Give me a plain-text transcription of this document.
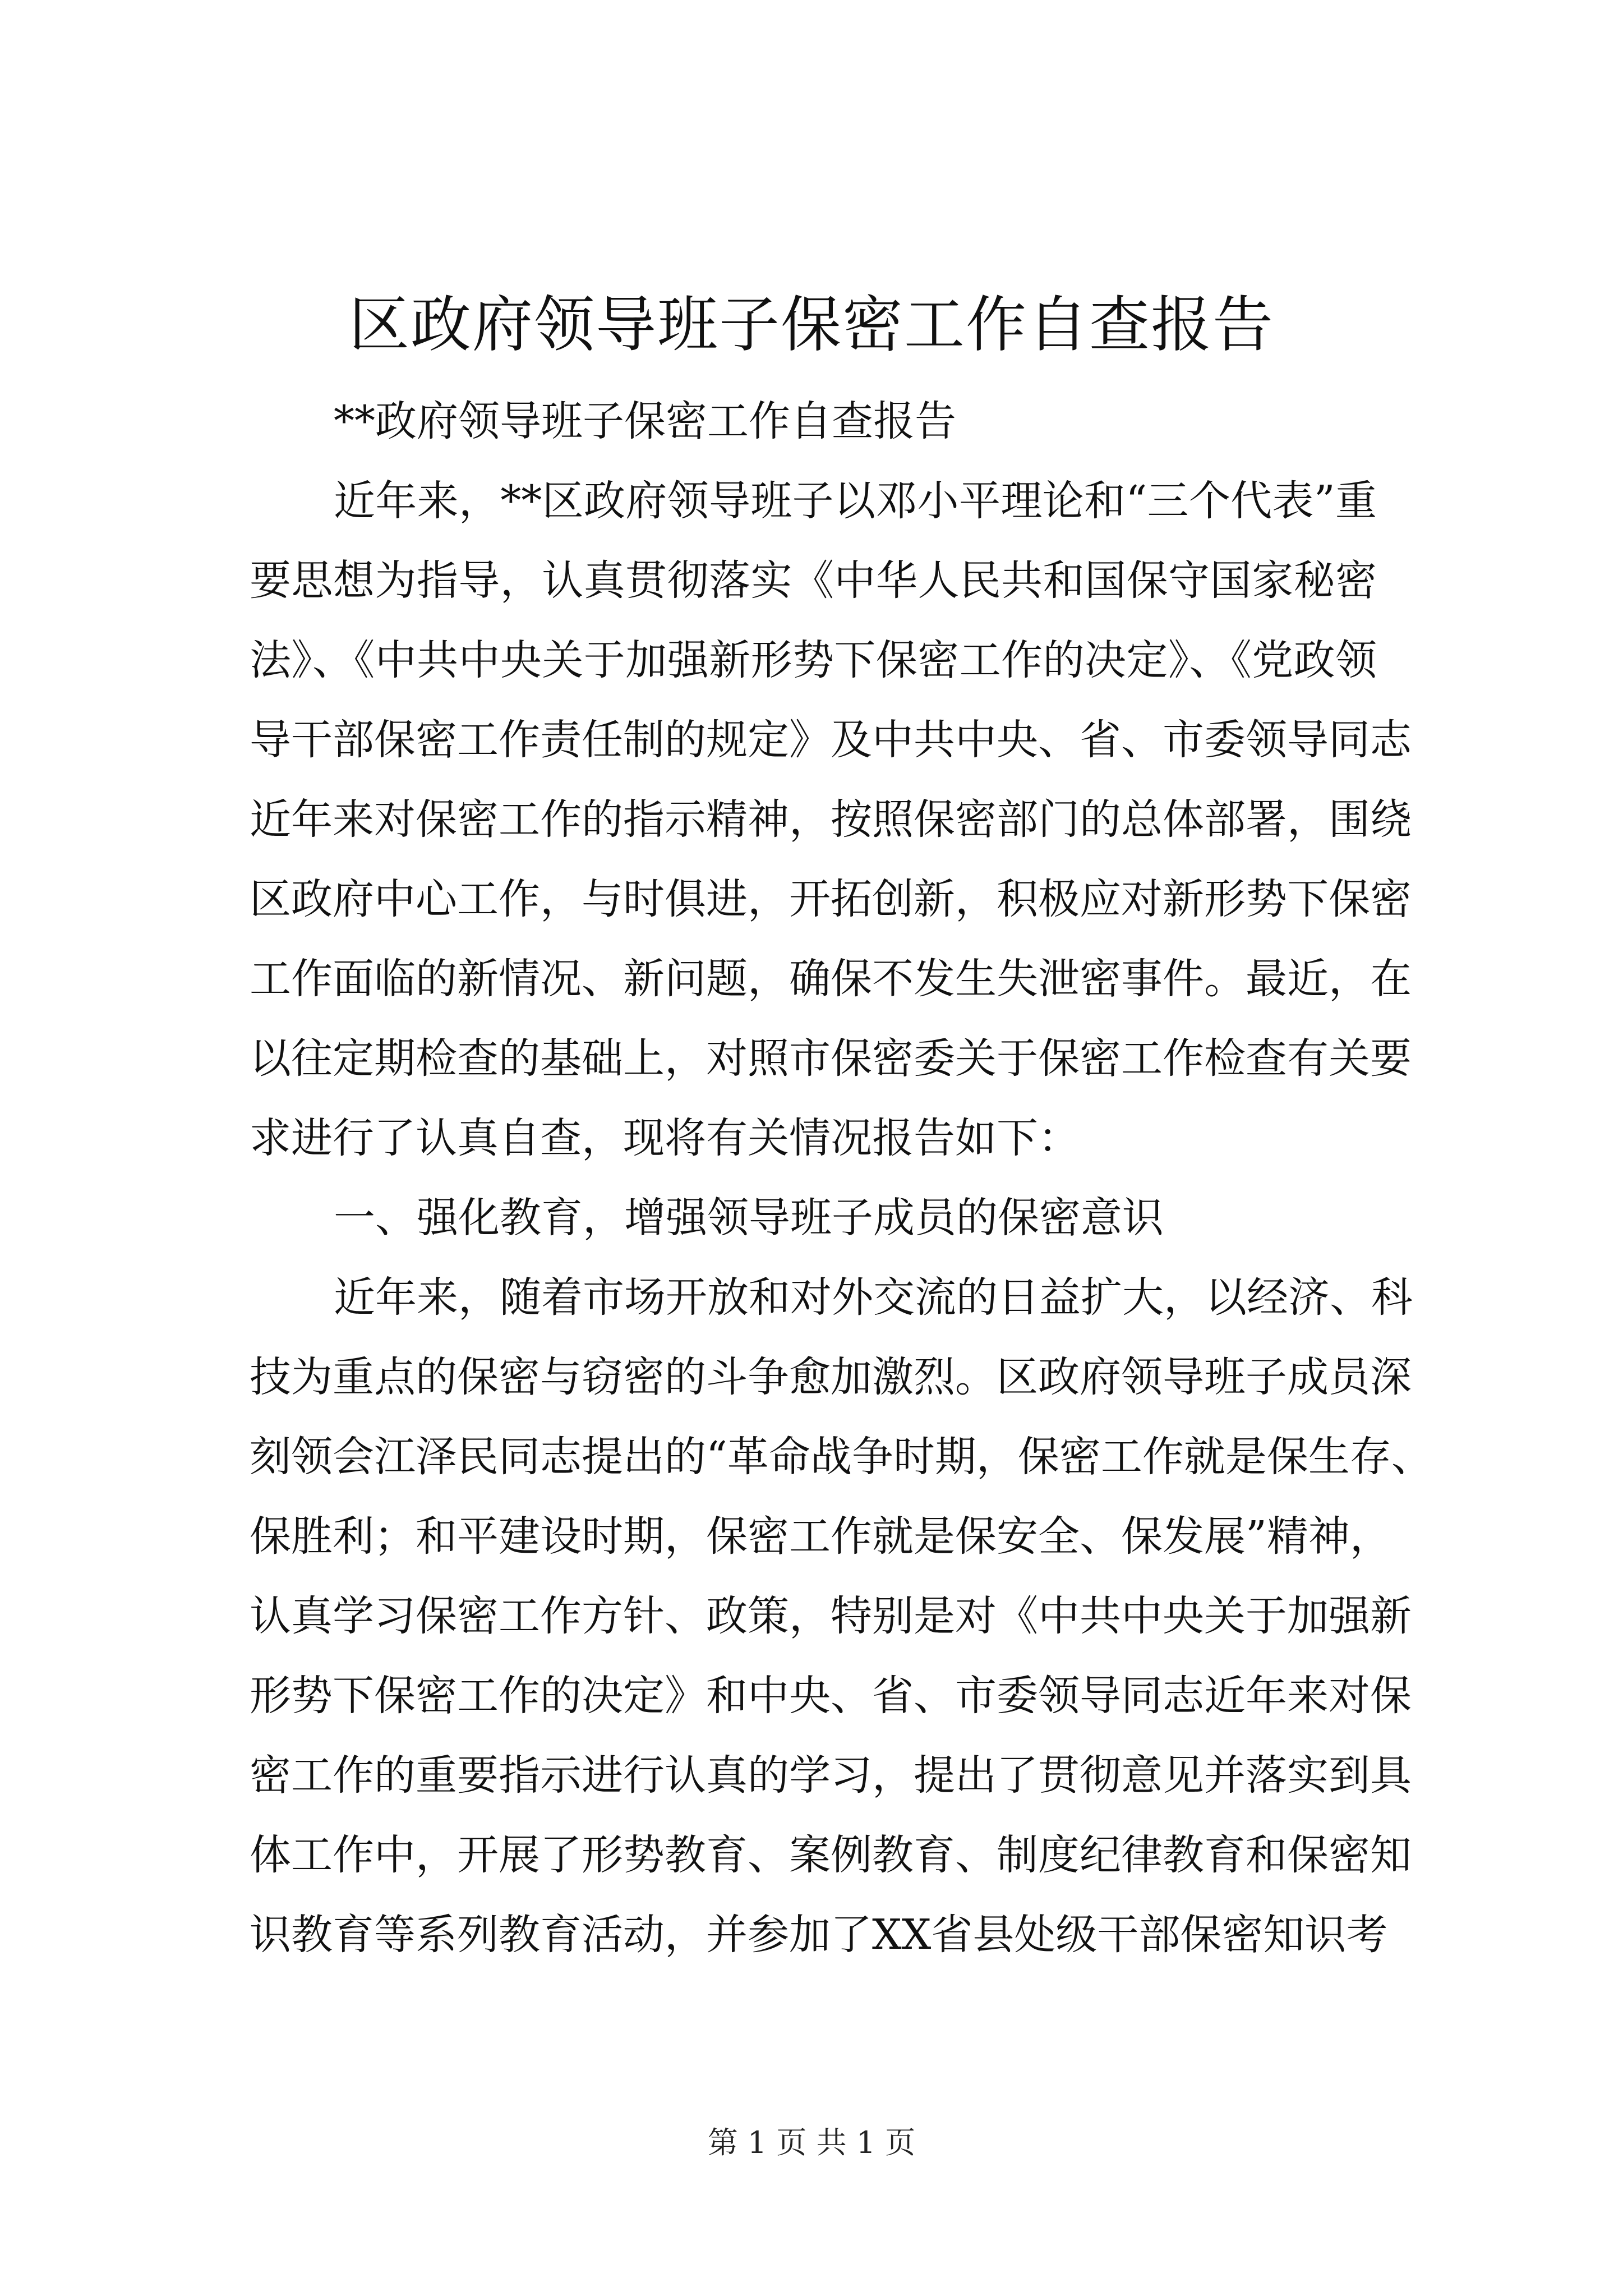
区政府领导班子保密工作自查报告
**政府领导班子保密工作自查报告
近年来，**区政府领导班子以邓小平理论和“三个代表”重
要思想为指导，认真贯彻落实《中华人民共和国保守国家秘密
法》、《中共中央关于加强新形势下保密工作的决定》、《党政领
导干部保密工作责任制的规定》及中共中央、省、市委领导同志
近年来对保密工作的指示精神，按照保密部门的总体部署，围绕
区政府中心工作，与时俱进，开拓创新，积极应对新形势下保密
工作面临的新情况、新问题，确保不发生失泄密事件。最近，在
以往定期检查的基础上，对照市保密委关于保密工作检查有关要
求进行了认真自查，现将有关情况报告如下：
一、强化教育，增强领导班子成员的保密意识
近年来，随着市场开放和对外交流的日益扩大，以经济、科
技为重点的保密与窃密的斗争愈加激烈。区政府领导班子成员深
刻领会江泽民同志提出的“革命战争时期，保密工作就是保生存、
保胜利；和平建设时期，保密工作就是保安全、保发展”精神，
认真学习保密工作方针、政策，特别是对《中共中央关于加强新
形势下保密工作的决定》和中央、省、市委领导同志近年来对保
密工作的重要指示进行认真的学习，提出了贯彻意见并落实到具
体工作中，开展了形势教育、案例教育、制度纪律教育和保密知
识教育等系列教育活动，并参加了XX省县处级干部保密知识考
第 1 页 共 1 页
